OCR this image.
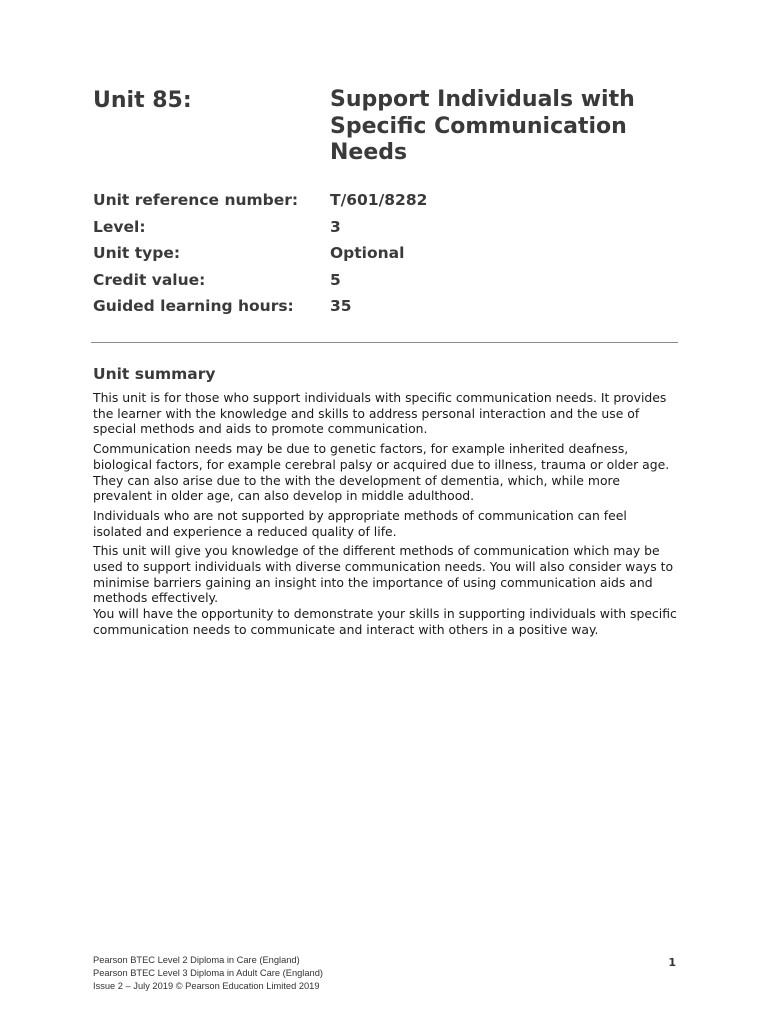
Unit 85:	Support Individuals with Specific Communication Needs
Unit reference number:	T/601/8282
Level:	3
Unit type:	Optional
Credit value:	5
Guided learning hours:	35
Unit summary

This unit is for those who support individuals with specific communication needs. It provides the learner with the knowledge and skills to address personal interaction and the use of special methods and aids to promote communication.

Communication needs may be due to genetic factors, for example inherited deafness, biological factors, for example cerebral palsy or acquired due to illness, trauma or older age. They can also arise due to the with the development of dementia, which, while more prevalent in older age, can also develop in middle adulthood.

Individuals who are not supported by appropriate methods of communication can feel isolated and experience a reduced quality of life.

This unit will give you knowledge of the different methods of communication which may be used to support individuals with diverse communication needs. You will also consider ways to minimise barriers gaining an insight into the importance of using communication aids and methods effectively.

You will have the opportunity to demonstrate your skills in supporting individuals with specific communication needs to communicate and interact with others in a positive way.

Pearson BTEC Level 2 Diploma in Care (England)
Pearson BTEC Level 3 Diploma in Adult Care (England)
Issue 2 – July 2019 © Pearson Education Limited 2019
1
